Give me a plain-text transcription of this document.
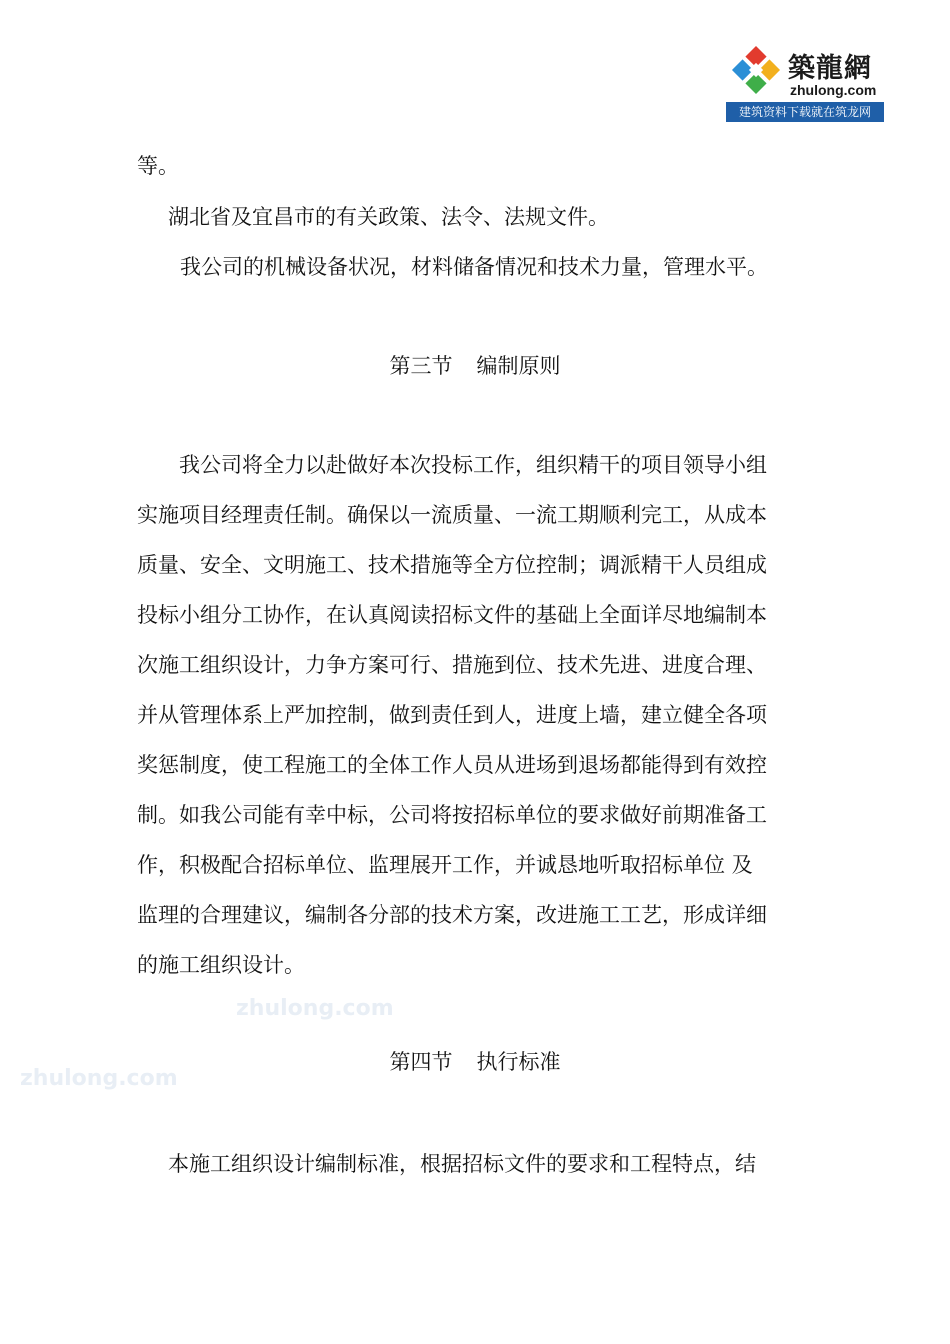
築龍網
zhulong.com
建筑资料下载就在筑龙网
等。
湖北省及宜昌市的有关政策、法令、法规文件。
我公司的机械设备状况，材料储备情况和技术力量，管理水平。
第三节 编制原则
　　我公司将全力以赴做好本次投标工作，组织精干的项目领导小组
实施项目经理责任制。确保以一流质量、一流工期顺利完工，从成本
质量、安全、文明施工、技术措施等全方位控制；调派精干人员组成
投标小组分工协作，在认真阅读招标文件的基础上全面详尽地编制本
次施工组织设计，力争方案可行、措施到位、技术先进、进度合理、
并从管理体系上严加控制，做到责任到人，进度上墙，建立健全各项
奖惩制度，使工程施工的全体工作人员从进场到退场都能得到有效控
制。如我公司能有幸中标，公司将按招标单位的要求做好前期准备工
作，积极配合招标单位、监理展开工作，并诚恳地听取招标单位 及
监理的合理建议，编制各分部的技术方案，改进施工工艺，形成详细
的施工组织设计。
zhulong.com
zhulong.com
第四节 执行标准
本施工组织设计编制标准，根据招标文件的要求和工程特点，结
